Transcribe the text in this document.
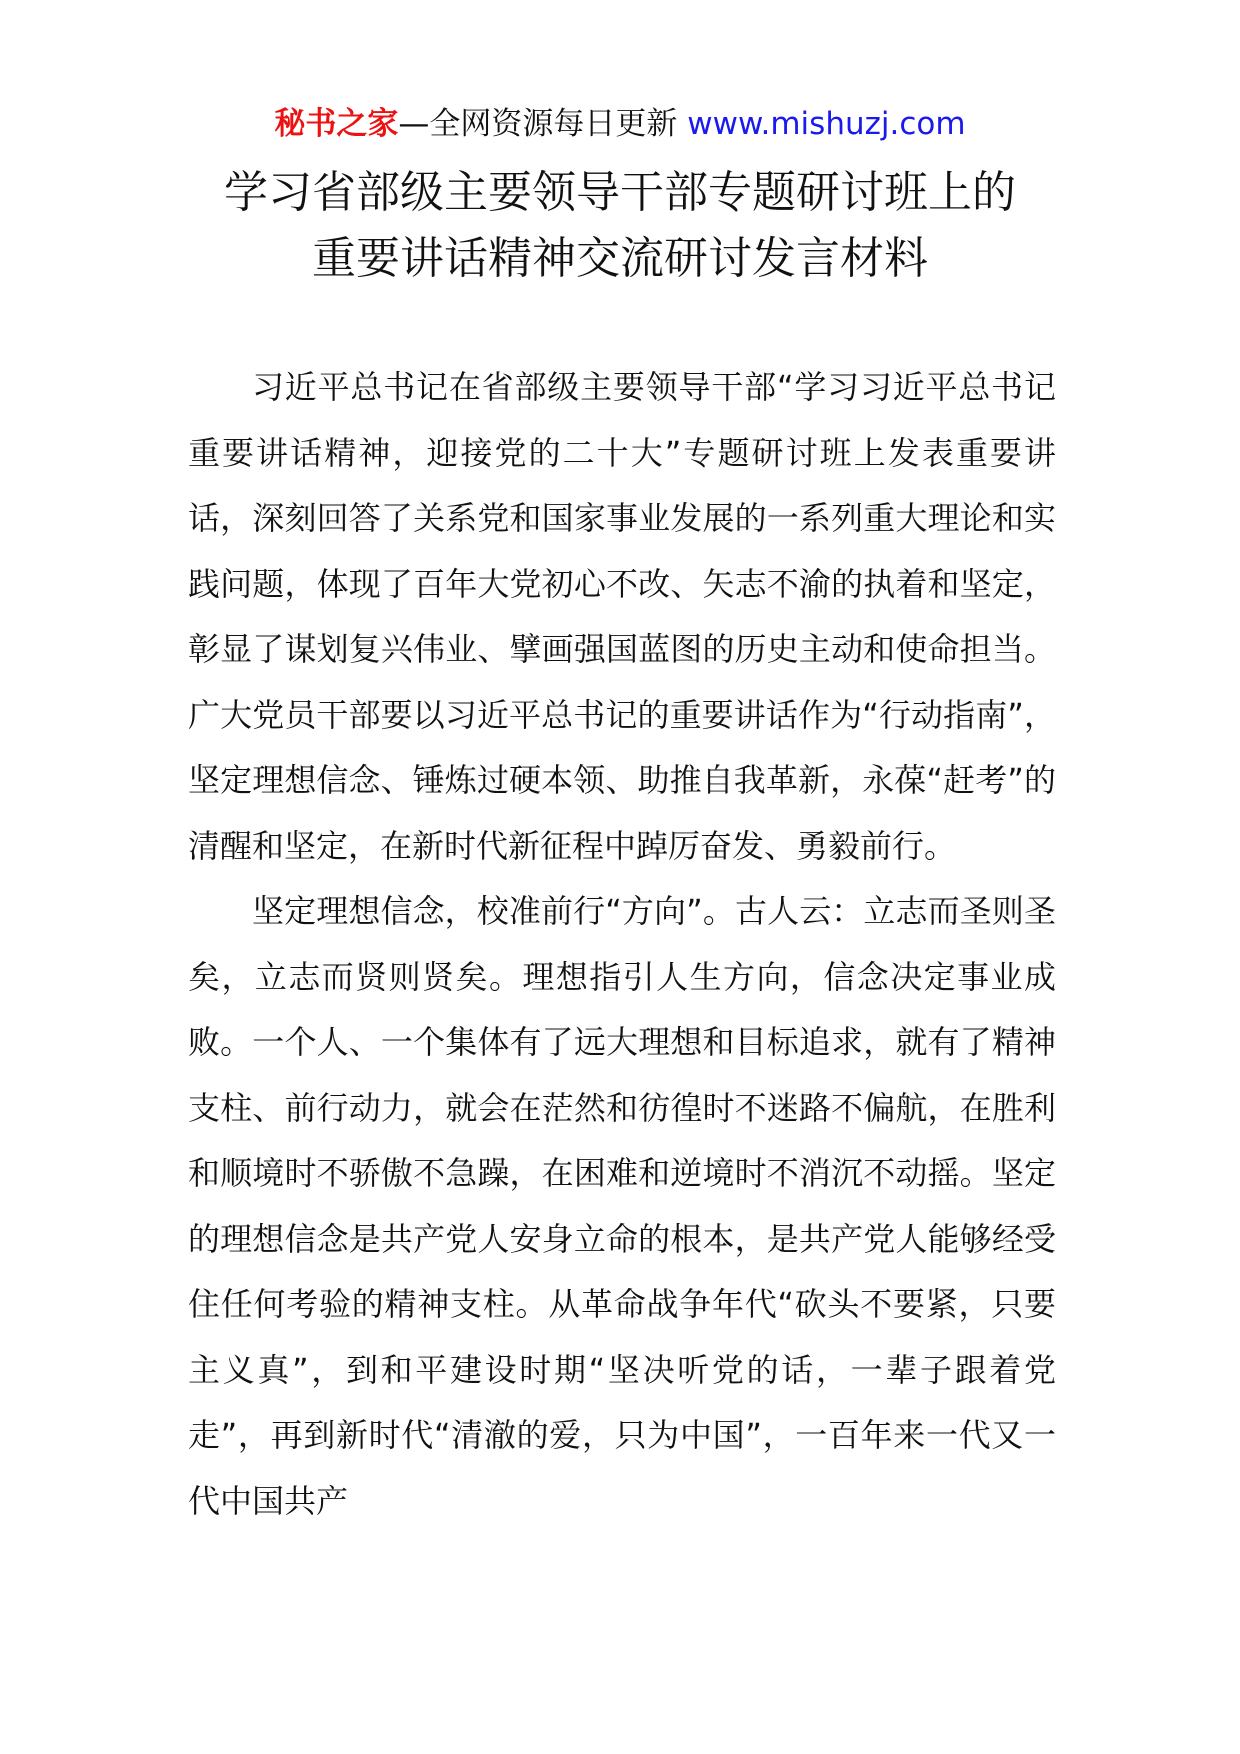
秘书之家—全网资源每日更新 www.mishuzj.com
学习省部级主要领导干部专题研讨班上的
重要讲话精神交流研讨发言材料

习近平总书记在省部级主要领导干部“学习习近平总书记重要讲话精神，迎接党的二十大”专题研讨班上发表重要讲话，深刻回答了关系党和国家事业发展的一系列重大理论和实践问题，体现了百年大党初心不改、矢志不渝的执着和坚定，彰显了谋划复兴伟业、擘画强国蓝图的历史主动和使命担当。广大党员干部要以习近平总书记的重要讲话作为“行动指南”，坚定理想信念、锤炼过硬本领、助推自我革新，永葆“赶考”的清醒和坚定，在新时代新征程中踔厉奋发、勇毅前行。

坚定理想信念，校准前行“方向”。古人云：立志而圣则圣矣，立志而贤则贤矣。理想指引人生方向，信念决定事业成败。一个人、一个集体有了远大理想和目标追求，就有了精神支柱、前行动力，就会在茫然和彷徨时不迷路不偏航，在胜利和顺境时不骄傲不急躁，在困难和逆境时不消沉不动摇。坚定的理想信念是共产党人安身立命的根本，是共产党人能够经受住任何考验的精神支柱。从革命战争年代“砍头不要紧，只要主义真”，到和平建设时期“坚决听党的话，一辈子跟着党走”，再到新时代“清澈的爱，只为中国”，一百年来一代又一代中国共产
